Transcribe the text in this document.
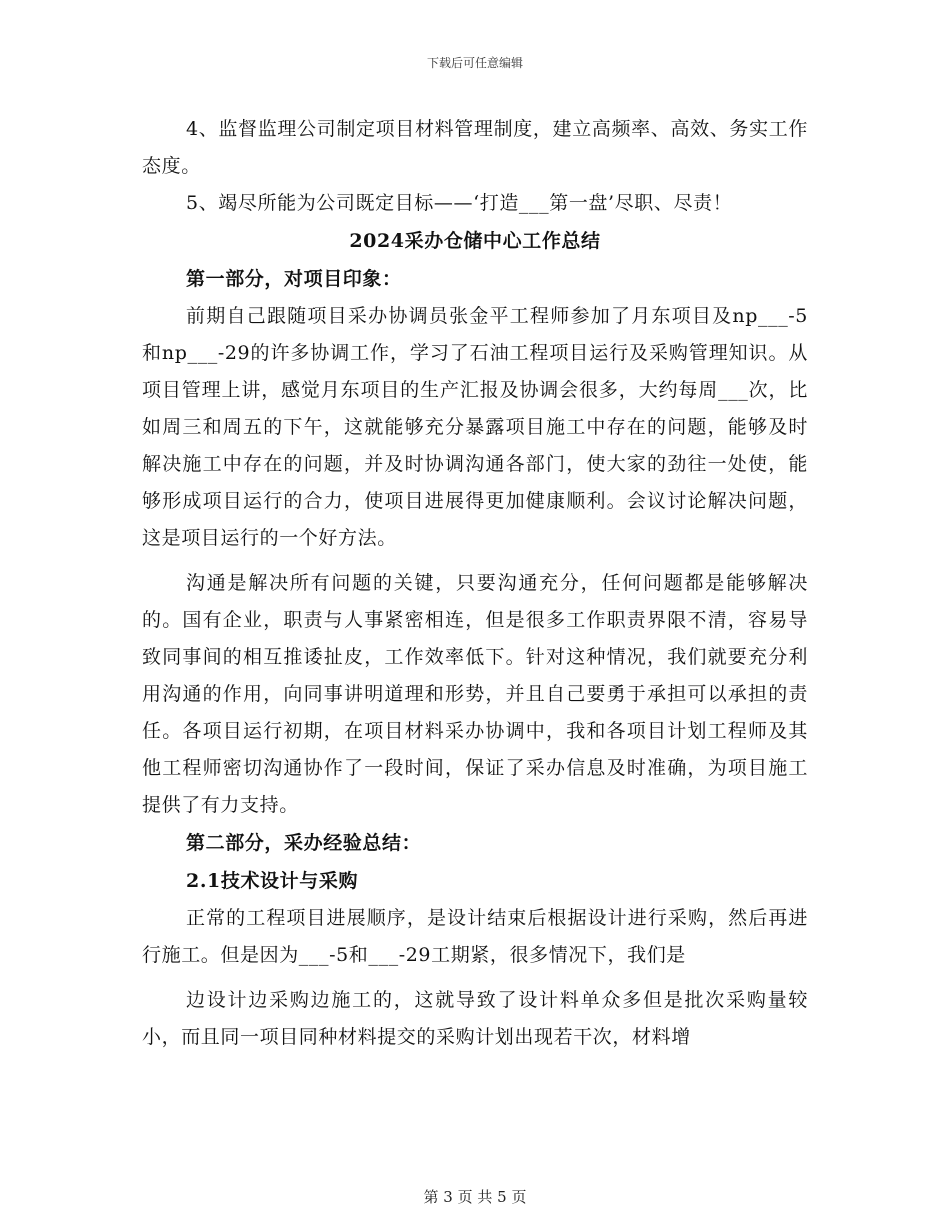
下载后可任意编辑

4、监督监理公司制定项目材料管理制度，建立高频率、高效、务实工作态度。

5、竭尽所能为公司既定目标——‘打造___第一盘’尽职、尽责！

2024采办仓储中心工作总结
第一部分，对项目印象：

前期自己跟随项目采办协调员张金平工程师参加了月东项目及np___-5和np___-29的许多协调工作，学习了石油工程项目运行及采购管理知识。从项目管理上讲，感觉月东项目的生产汇报及协调会很多，大约每周___次，比如周三和周五的下午，这就能够充分暴露项目施工中存在的问题，能够及时解决施工中存在的问题，并及时协调沟通各部门，使大家的劲往一处使，能够形成项目运行的合力，使项目进展得更加健康顺利。会议讨论解决问题，这是项目运行的一个好方法。

沟通是解决所有问题的关键，只要沟通充分，任何问题都是能够解决的。国有企业，职责与人事紧密相连，但是很多工作职责界限不清，容易导致同事间的相互推诿扯皮，工作效率低下。针对这种情况，我们就要充分利用沟通的作用，向同事讲明道理和形势，并且自己要勇于承担可以承担的责任。各项目运行初期，在项目材料采办协调中，我和各项目计划工程师及其他工程师密切沟通协作了一段时间，保证了采办信息及时准确，为项目施工提供了有力支持。

第二部分，采办经验总结：
2.1技术设计与采购

正常的工程项目进展顺序，是设计结束后根据设计进行采购，然后再进行施工。但是因为___-5和___-29工期紧，很多情况下，我们是

边设计边采购边施工的，这就导致了设计料单众多但是批次采购量较小，而且同一项目同种材料提交的采购计划出现若干次，材料增

第 3 页 共 5 页
